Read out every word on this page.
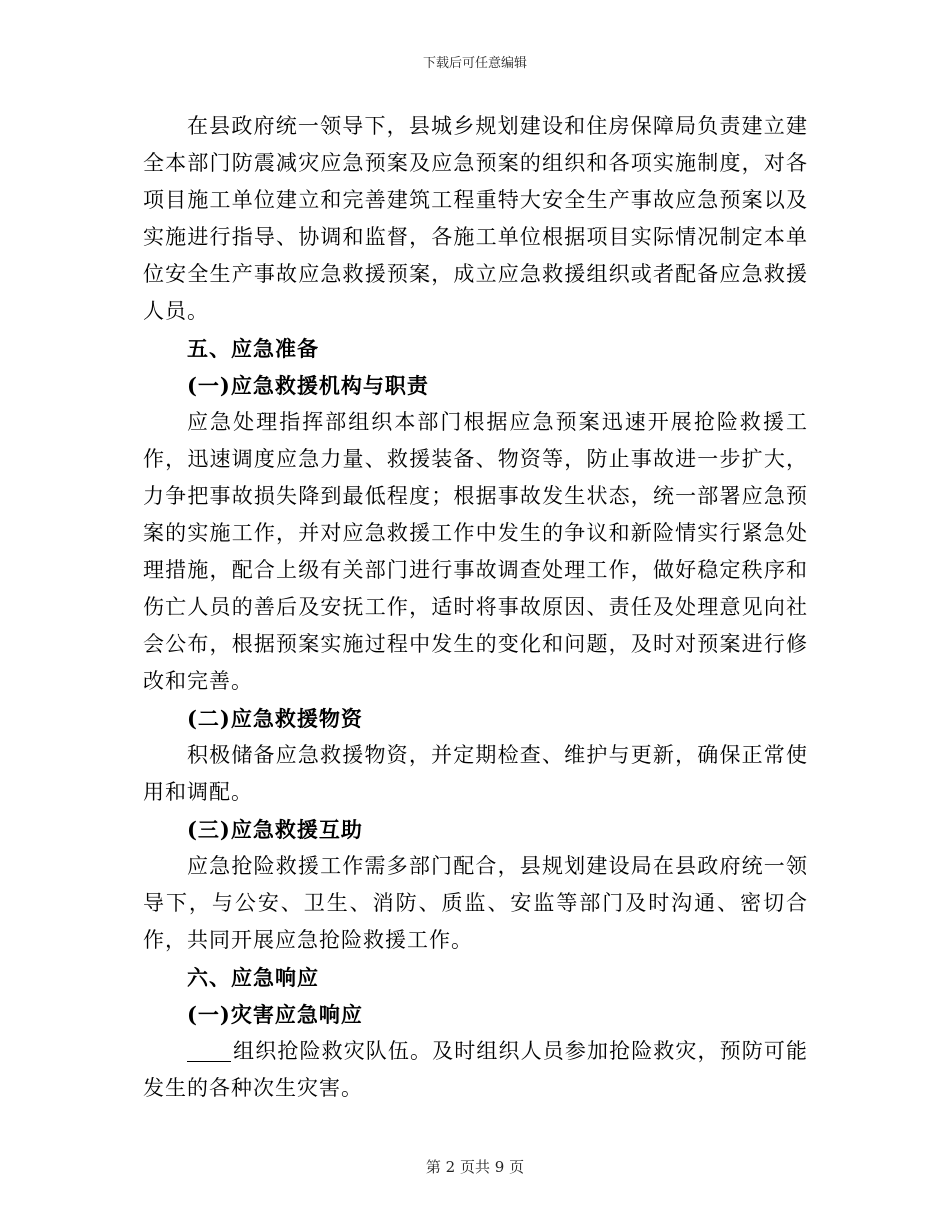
下载后可任意编辑

在县政府统一领导下，县城乡规划建设和住房保障局负责建立建全本部门防震减灾应急预案及应急预案的组织和各项实施制度，对各项目施工单位建立和完善建筑工程重特大安全生产事故应急预案以及实施进行指导、协调和监督，各施工单位根据项目实际情况制定本单位安全生产事故应急救援预案，成立应急救援组织或者配备应急救援人员。

五、应急准备

(一)应急救援机构与职责

应急处理指挥部组织本部门根据应急预案迅速开展抢险救援工作，迅速调度应急力量、救援装备、物资等，防止事故进一步扩大，力争把事故损失降到最低程度；根据事故发生状态，统一部署应急预案的实施工作，并对应急救援工作中发生的争议和新险情实行紧急处理措施，配合上级有关部门进行事故调查处理工作，做好稳定秩序和伤亡人员的善后及安抚工作，适时将事故原因、责任及处理意见向社会公布，根据预案实施过程中发生的变化和问题，及时对预案进行修改和完善。

(二)应急救援物资

积极储备应急救援物资，并定期检查、维护与更新，确保正常使用和调配。

(三)应急救援互助

应急抢险救援工作需多部门配合，县规划建设局在县政府统一领导下，与公安、卫生、消防、质监、安监等部门及时沟通、密切合作，共同开展应急抢险救援工作。

六、应急响应

(一)灾害应急响应

组织抢险救灾队伍。及时组织人员参加抢险救灾，预防可能发生的各种次生灾害。

第 2 页共 9 页
